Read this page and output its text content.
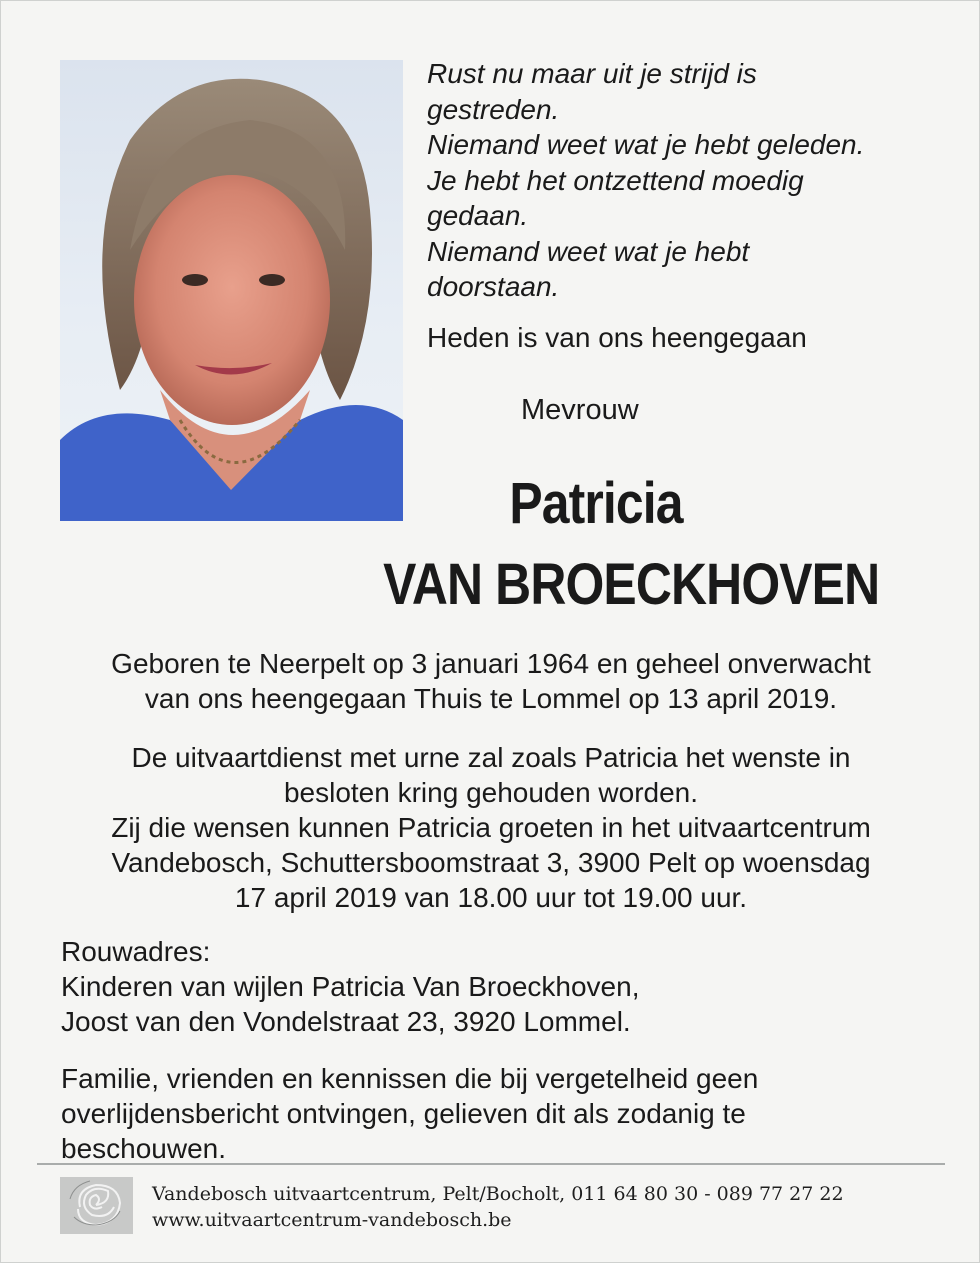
Rust nu maar uit je strijd is
gestreden.
Niemand weet wat je hebt geleden.
Je hebt het ontzettend moedig
gedaan.
Niemand weet wat je hebt
doorstaan.

Heden is van ons heengegaan
Mevrouw
Patricia
VAN BROECKHOVEN
Geboren te Neerpelt op 3 januari 1964 en geheel onverwacht
van ons heengegaan Thuis te Lommel op 13 april 2019.
De uitvaartdienst met urne zal zoals Patricia het wenste in
besloten kring gehouden worden.
Zij die wensen kunnen Patricia groeten in het uitvaartcentrum
Vandebosch, Schuttersboomstraat 3, 3900 Pelt op woensdag
17 april 2019 van 18.00 uur tot 19.00 uur.
Rouwadres:
Kinderen van wijlen Patricia Van Broeckhoven,
Joost van den Vondelstraat 23, 3920 Lommel.
Familie, vrienden en kennissen die bij vergetelheid geen
overlijdensbericht ontvingen, gelieven dit als zodanig te
beschouwen.
Vandebosch uitvaartcentrum, Pelt/Bocholt, 011 64 80 30 - 089 77 27 22
www.uitvaartcentrum-vandebosch.be
